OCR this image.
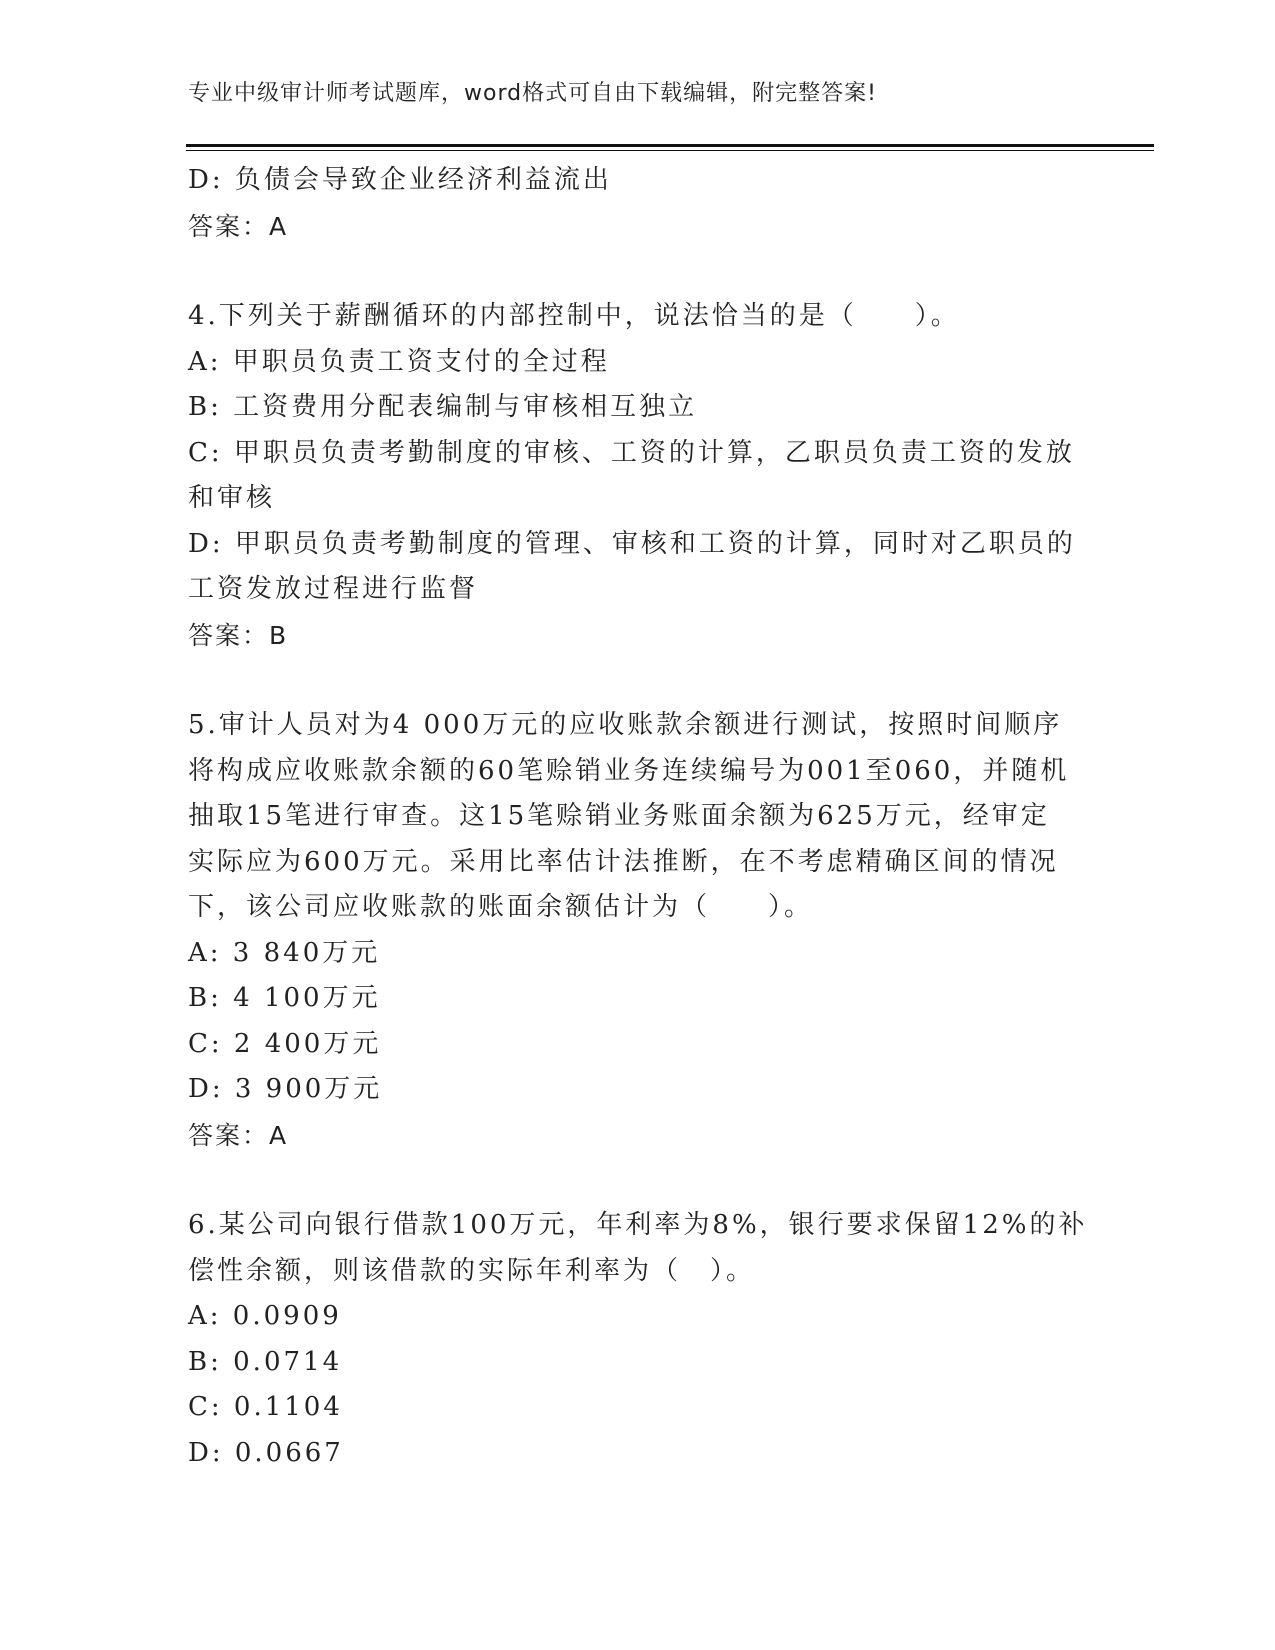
专业中级审计师考试题库，word格式可自由下载编辑，附完整答案!
D: 负债会导致企业经济利益流出
答案：A
4.下列关于薪酬循环的内部控制中，说法恰当的是（　　）。
A: 甲职员负责工资支付的全过程
B: 工资费用分配表编制与审核相互独立
C: 甲职员负责考勤制度的审核、工资的计算，乙职员负责工资的发放
和审核
D: 甲职员负责考勤制度的管理、审核和工资的计算，同时对乙职员的
工资发放过程进行监督
答案：B
5.审计人员对为4 000万元的应收账款余额进行测试，按照时间顺序
将构成应收账款余额的60笔赊销业务连续编号为001至060，并随机
抽取15笔进行审查。这15笔赊销业务账面余额为625万元，经审定
实际应为600万元。采用比率估计法推断，在不考虑精确区间的情况
下，该公司应收账款的账面余额估计为（　　）。
A: 3 840万元
B: 4 100万元
C: 2 400万元
D: 3 900万元
答案：A
6.某公司向银行借款100万元，年利率为8%，银行要求保留12%的补
偿性余额，则该借款的实际年利率为（　）。
A: 0.0909
B: 0.0714
C: 0.1104
D: 0.0667
